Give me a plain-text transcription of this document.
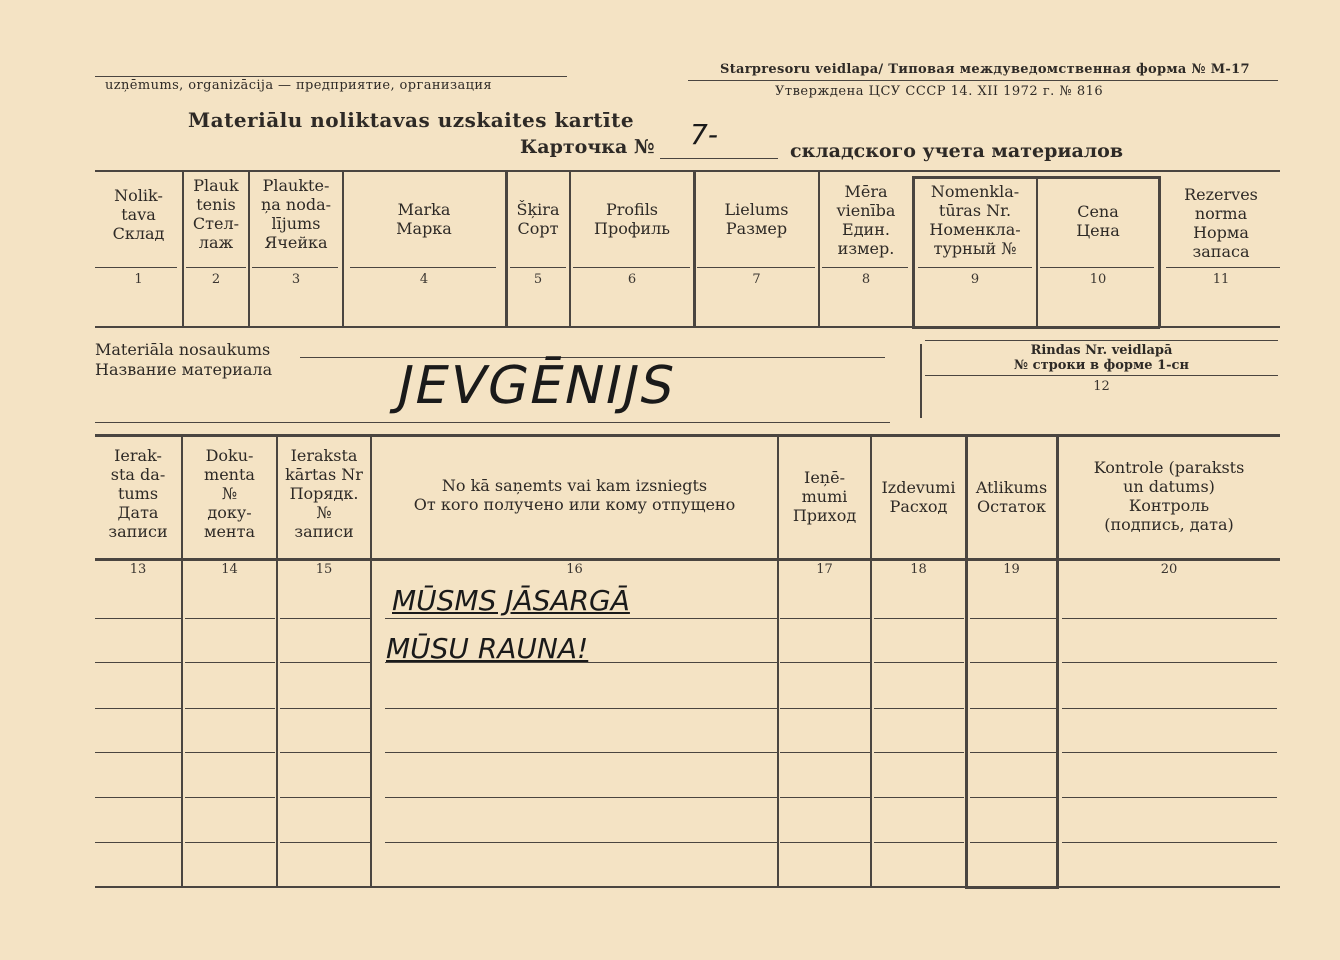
uzņēmums, organizācija — предприятие, организация
Starpresoru veidlapa/ Типовая междуведомственная форма № М-17
Утверждена ЦСУ СССР 14. XII 1972 г. № 816
Materiālu noliktavas uzskaites kartīte
Карточка № 7-	складского учета материалов
Nolik-
tava
Склад
1
Plauk
tenis
Стел-
лаж
2
Plaukte-
ņa noda-
lījums
Ячейка
3
Marka
Марка
4
Šķira
Сорт
5
Profils
Профиль
6
Lielums
Размер
7
Mēra
vienība
Един.
измер.
8
Nomenkla-
tūras Nr.
Номенкла-
турный №
9
Cena
Цена
10
Rezerves
norma
Норма
запаса
11
Materiāla nosaukums
Название материала JEVGĒNIJS
Rindas Nr. veidlapā
№ строки в форме 1-сн
12
Ierak-
sta da-
tums
Дата
записи
13
Doku-
menta
№
доку-
мента
14
Ieraksta
kārtas Nr
Порядк.
№
записи
15
No kā saņemts vai kam izsniegts
От кого получено или кому отпущено
16
Ieņē-
mumi
Приход
17
Izdevumi
Расход
18
Atlikums
Остаток
19
Kontrole (paraksts
un datums)
Контроль
(подпись, дата)
20
MŪSMS JĀSARGĀ
MŪSU RAUNA!
